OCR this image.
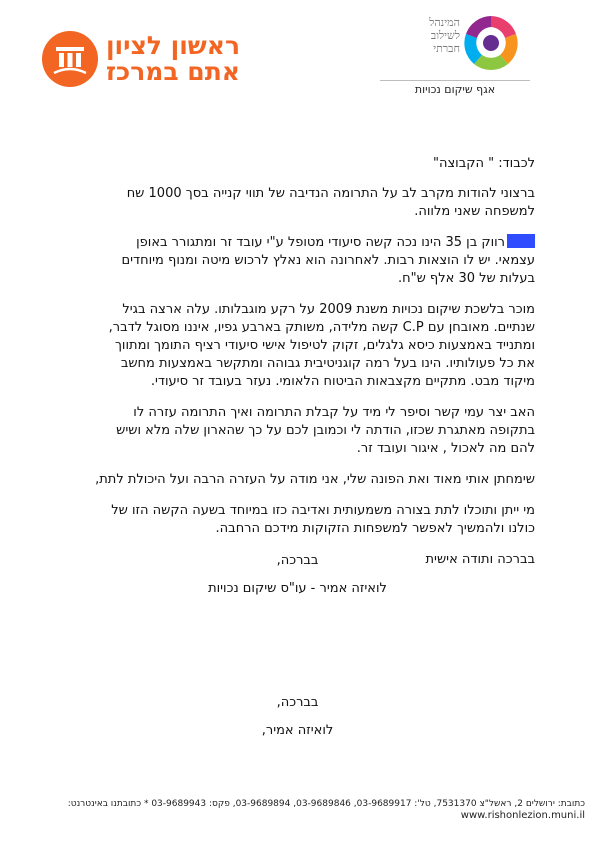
המינהל
לשילוב
חברתי
אגף שיקום נכויות
ראשון לציון
אתם במרכז

לכבוד: " הקבוצה"

ברצוני להודות מקרב לב על התרומה הנדיבה של תווי קנייה בסך 1000 שח למשפחה שאני מלווה.

רווק בן 35 הינו נכה קשה סיעודי מטופל ע"י עובד זר ומתגורר באופן עצמאי. יש לו הוצאות רבות. לאחרונה הוא נאלץ לרכוש מיטה ומנוף מיוחדים בעלות של 30 אלף ש"ח.

מוכר בלשכת שיקום נכויות משנת 2009 על רקע מוגבלותו. עלה ארצה בגיל שנתיים. מאובחן עם C.P קשה מלידה, משותק בארבע גפיו, איננו מסוגל לדבר, ומתנייד באמצעות כיסא גלגלים, זקוק לטיפול אישי סיעודי רציף התומך ומתווך את כל פעולותיו. הינו בעל רמה קוגניטיבית גבוהה ומתקשר באמצעות מחשב מיקוד מבט. מתקיים מקצבאות הביטוח הלאומי. נעזר בעובד זר סיעודי.

האב יצר עמי קשר וסיפר לי מיד על קבלת התרומה ואיך התרומה עזרה לו בתקופה מאתגרת שכזו, הודתה לי וכמובן לכם על כך שהארון שלה מלא ושיש להם מה לאכול , איגור ועובד זר.

שימחתן אותי מאוד ואת הפונה שלי, אני מודה על העזרה הרבה ועל היכולת לתת,

מי ייתן ותוכלו לתת בצורה משמעותית ואדיבה כזו במיוחד בשעה הקשה הזו של כולנו ולהמשיך לאפשר למשפחות הזקוקות מידכם הרחבה.

בברכה ותודה אישית

בברכה,
לואיזה אמיר - עו"ס שיקום נכויות
בברכה,
לואיזה אמיר,
כתובת: ירושלים 2, ראשל"צ 7531370, טל': 03-9689917, 03-9689846, 03-9689894, פקס: 03-9689943 * כתובתנו באינטרנט:
www.rishonlezion.muni.il
